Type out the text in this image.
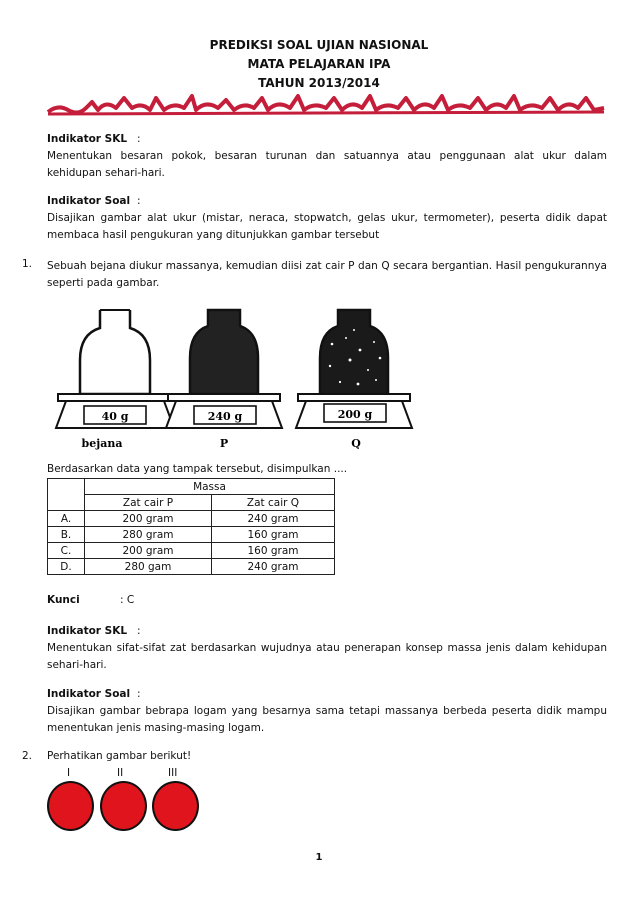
PREDIKSI SOAL UJIAN NASIONAL
MATA PELAJARAN IPA
TAHUN 2013/2014
Indikator SKL :
Menentukan besaran pokok, besaran turunan dan satuannya atau penggunaan alat ukur dalam kehidupan sehari-hari.
Indikator Soal :
Disajikan gambar alat ukur (mistar, neraca, stopwatch, gelas ukur, termometer), peserta didik dapat membaca hasil pengukuran yang ditunjukkan gambar tersebut
1. Sebuah bejana diukur massanya, kemudian diisi zat cair P dan Q secara bergantian. Hasil pengukurannya seperti pada gambar.
40 g
bejana
240 g
P
200 g
Q
Berdasarkan data yang tampak tersebut, disimpulkan ....
	Massa	
	Zat cair P	Zat cair Q
A.	200 gram	240 gram
B.	280 gram	160 gram
C.	200 gram	160 gram
D.	280 gam	240 gram
Kunci	: C
Indikator SKL :
Menentukan sifat-sifat zat berdasarkan wujudnya atau penerapan konsep massa jenis dalam kehidupan sehari-hari.
Indikator Soal :
Disajikan gambar bebrapa logam yang besarnya sama tetapi massanya berbeda peserta didik mampu menentukan jenis masing-masing logam.
2. Perhatikan gambar berikut!
I	II	III
1
